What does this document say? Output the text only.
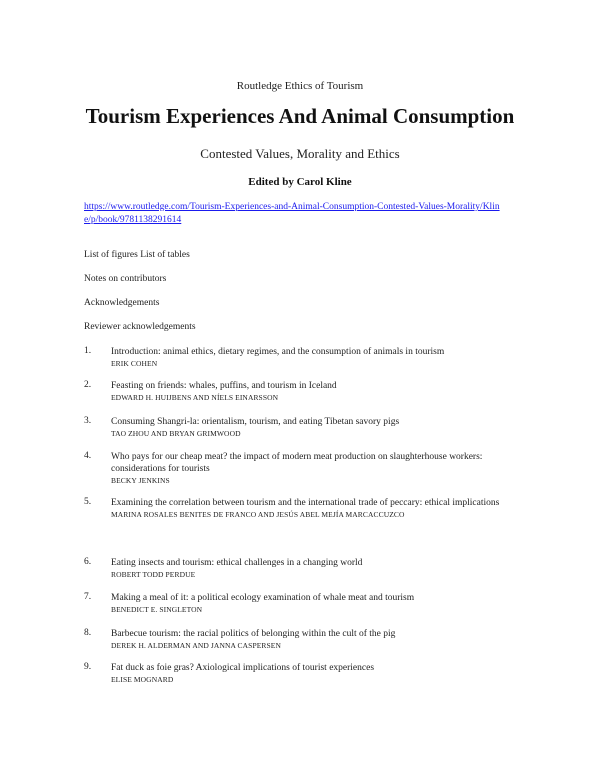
Routledge Ethics of Tourism
Tourism Experiences And Animal Consumption
Contested Values, Morality and Ethics
Edited by Carol Kline
https://www.routledge.com/Tourism-Experiences-and-Animal-Consumption-Contested-Values-Morality/Kline/p/book/9781138291614
List of figures List of tables
Notes on contributors
Acknowledgements
Reviewer acknowledgements
1. Introduction: animal ethics, dietary regimes, and the consumption of animals in tourism
ERIK COHEN
2. Feasting on friends: whales, puffins, and tourism in Iceland
EDWARD H. HUIJBENS AND NÍELS EINARSSON
3. Consuming Shangri-la: orientalism, tourism, and eating Tibetan savory pigs
TAO ZHOU AND BRYAN GRIMWOOD
4. Who pays for our cheap meat? the impact of modern meat production on slaughterhouse workers: considerations for tourists
BECKY JENKINS
5. Examining the correlation between tourism and the international trade of peccary: ethical implications
MARINA ROSALES BENITES DE FRANCO AND JESÚS ABEL MEJÍA MARCACCUZCO
6. Eating insects and tourism: ethical challenges in a changing world
ROBERT TODD PERDUE
7. Making a meal of it: a political ecology examination of whale meat and tourism
BENEDICT E. SINGLETON
8. Barbecue tourism: the racial politics of belonging within the cult of the pig
DEREK H. ALDERMAN AND JANNA CASPERSEN
9. Fat duck as foie gras? Axiological implications of tourist experiences
ELISE MOGNARD
